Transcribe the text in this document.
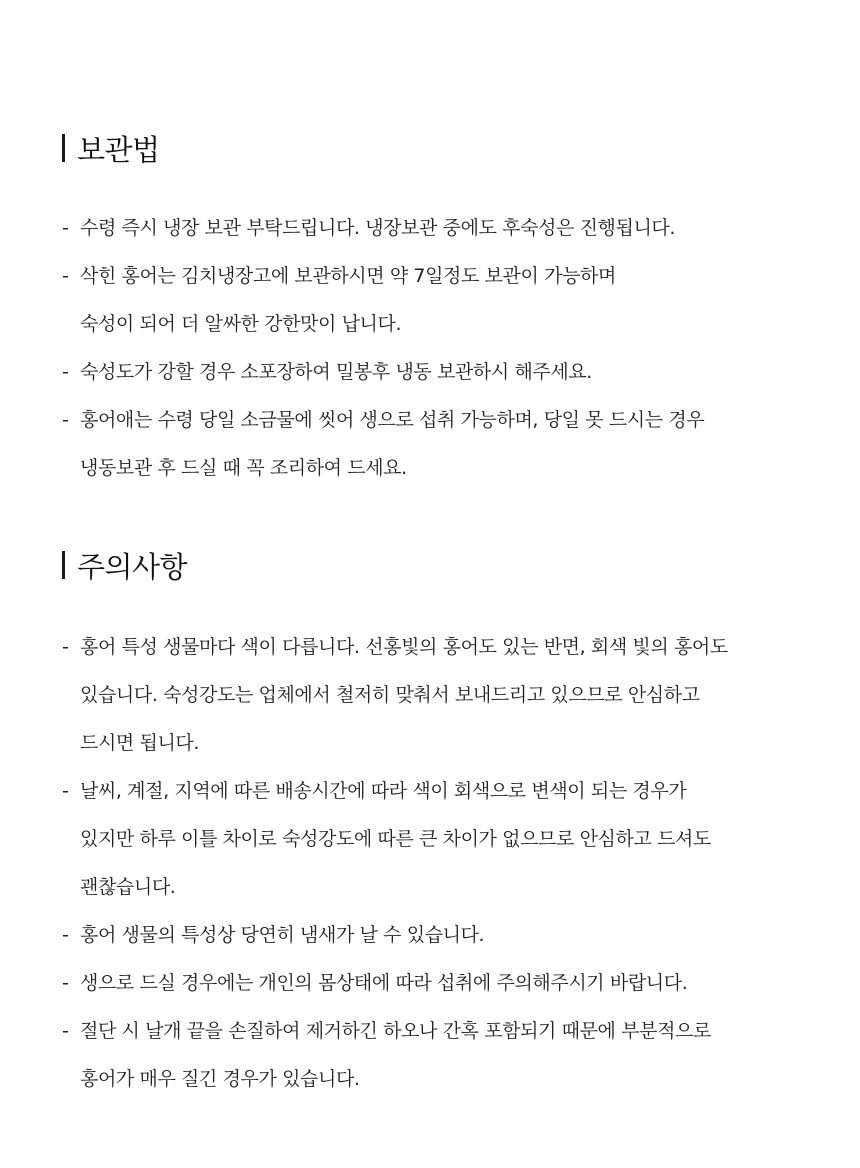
보관법
- 수령 즉시 냉장 보관 부탁드립니다. 냉장보관 중에도 후숙성은 진행됩니다.
- 삭힌 홍어는 김치냉장고에 보관하시면 약 7일정도 보관이 가능하며
숙성이 되어 더 알싸한 강한맛이 납니다.
- 숙성도가 강할 경우 소포장하여 밀봉후 냉동 보관하시 해주세요.
- 홍어애는 수령 당일 소금물에 씻어 생으로 섭취 가능하며, 당일 못 드시는 경우
냉동보관 후 드실 때 꼭 조리하여 드세요.
주의사항
- 홍어 특성 생물마다 색이 다릅니다. 선홍빛의 홍어도 있는 반면, 회색 빛의 홍어도
있습니다. 숙성강도는 업체에서 철저히 맞춰서 보내드리고 있으므로 안심하고
드시면 됩니다.
- 날씨, 계절, 지역에 따른 배송시간에 따라 색이 회색으로 변색이 되는 경우가
있지만 하루 이틀 차이로 숙성강도에 따른 큰 차이가 없으므로 안심하고 드셔도
괜찮습니다.
- 홍어 생물의 특성상 당연히 냄새가 날 수 있습니다.
- 생으로 드실 경우에는 개인의 몸상태에 따라 섭취에 주의해주시기 바랍니다.
- 절단 시 날개 끝을 손질하여 제거하긴 하오나 간혹 포함되기 때문에 부분적으로
홍어가 매우 질긴 경우가 있습니다.
